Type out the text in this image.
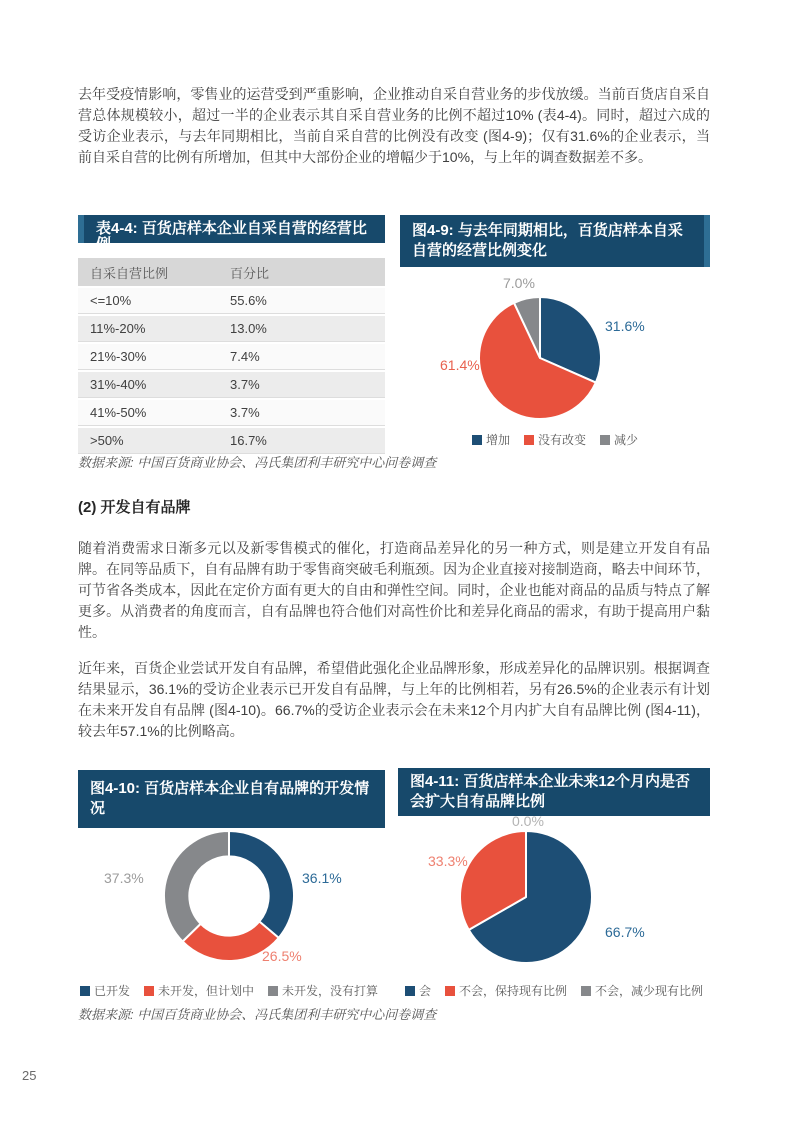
去年受疫情影响，零售业的运营受到严重影响，企业推动自采自营业务的步伐放缓。当前百货店自采自营总体规模较小，超过一半的企业表示其自采自营业务的比例不超过10% (表4-4)。同时，超过六成的受访企业表示，与去年同期相比，当前自采自营的比例没有改变 (图4-9)；仅有31.6%的企业表示，当前自采自营的比例有所增加，但其中大部份企业的增幅少于10%，与上年的调查数据差不多。

表4-4: 百货店样本企业自采自营的经营比例
自采自营比例	百分比
<=10%	55.6%
11%-20%	13.0%
21%-30%	7.4%
31%-40%	3.7%
41%-50%	3.7%
>50%	16.7%
图4-9: 与去年同期相比，百货店样本自采自营的经营比例变化
7.0%
31.6%
61.4%
增加 没有改变 减少

数据来源: 中国百货商业协会、冯氏集团利丰研究中心问卷调查

(2) 开发自有品牌

随着消费需求日渐多元以及新零售模式的催化，打造商品差异化的另一种方式，则是建立开发自有品牌。在同等品质下，自有品牌有助于零售商突破毛利瓶颈。因为企业直接对接制造商，略去中间环节，可节省各类成本，因此在定价方面有更大的自由和弹性空间。同时，企业也能对商品的品质与特点了解更多。从消费者的角度而言，自有品牌也符合他们对高性价比和差异化商品的需求，有助于提高用户黏性。

近年来，百货企业尝试开发自有品牌，希望借此强化企业品牌形象，形成差异化的品牌识别。根据调查结果显示，36.1%的受访企业表示已开发自有品牌，与上年的比例相若，另有26.5%的企业表示有计划在未来开发自有品牌 (图4-10)。66.7%的受访企业表示会在未来12个月内扩大自有品牌比例 (图4-11)，较去年57.1%的比例略高。

图4-10: 百货店样本企业自有品牌的开发情况
37.3%	36.1%
26.5%
图4-11: 百货店样本企业未来12个月内是否会扩大自有品牌比例
0.0%
33.3%
66.7%
已开发 未开发，但计划中 未开发，没有打算	会 不会，保持现有比例 不会，减少现有比例

数据来源: 中国百货商业协会、冯氏集团利丰研究中心问卷调查

25
